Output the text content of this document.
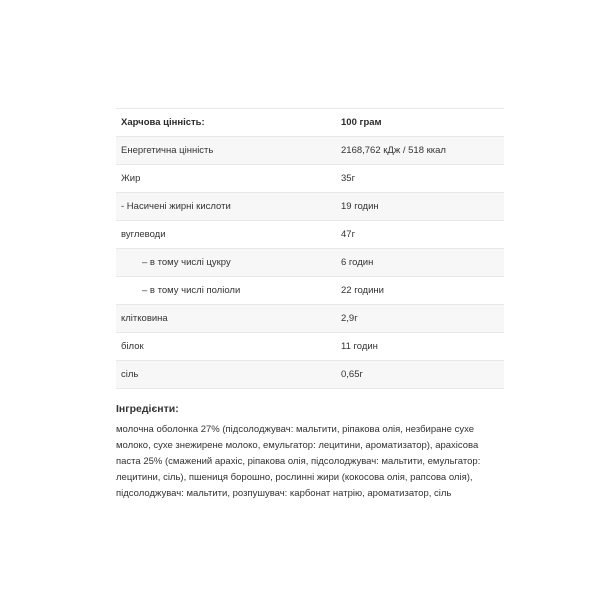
Харчова цінність:	100 грам
Енергетична цінність	2168,762 кДж / 518 ккал
Жир	35г
- Насичені жирні кислоти	19 годин
вуглеводи	47г
– в тому числі цукру	6 годин
– в тому числі поліоли	22 години
клітковина	2,9г
білок	11 годин
сіль	0,65г
Інгредієнти:
молочна оболонка 27% (підсолоджувач: мальтити, ріпакова олія, незбиране сухе
молоко, сухе знежирене молоко, емульгатор: лецитини, ароматизатор), арахісова
паста 25% (смажений арахіс, ріпакова олія, підсолоджувач: мальтити, емульгатор:
лецитини, сіль), пшениця борошно, рослинні жири (кокосова олія, рапсова олія),
підсолоджувач: мальтити, розпушувач: карбонат натрію, ароматизатор, сіль
